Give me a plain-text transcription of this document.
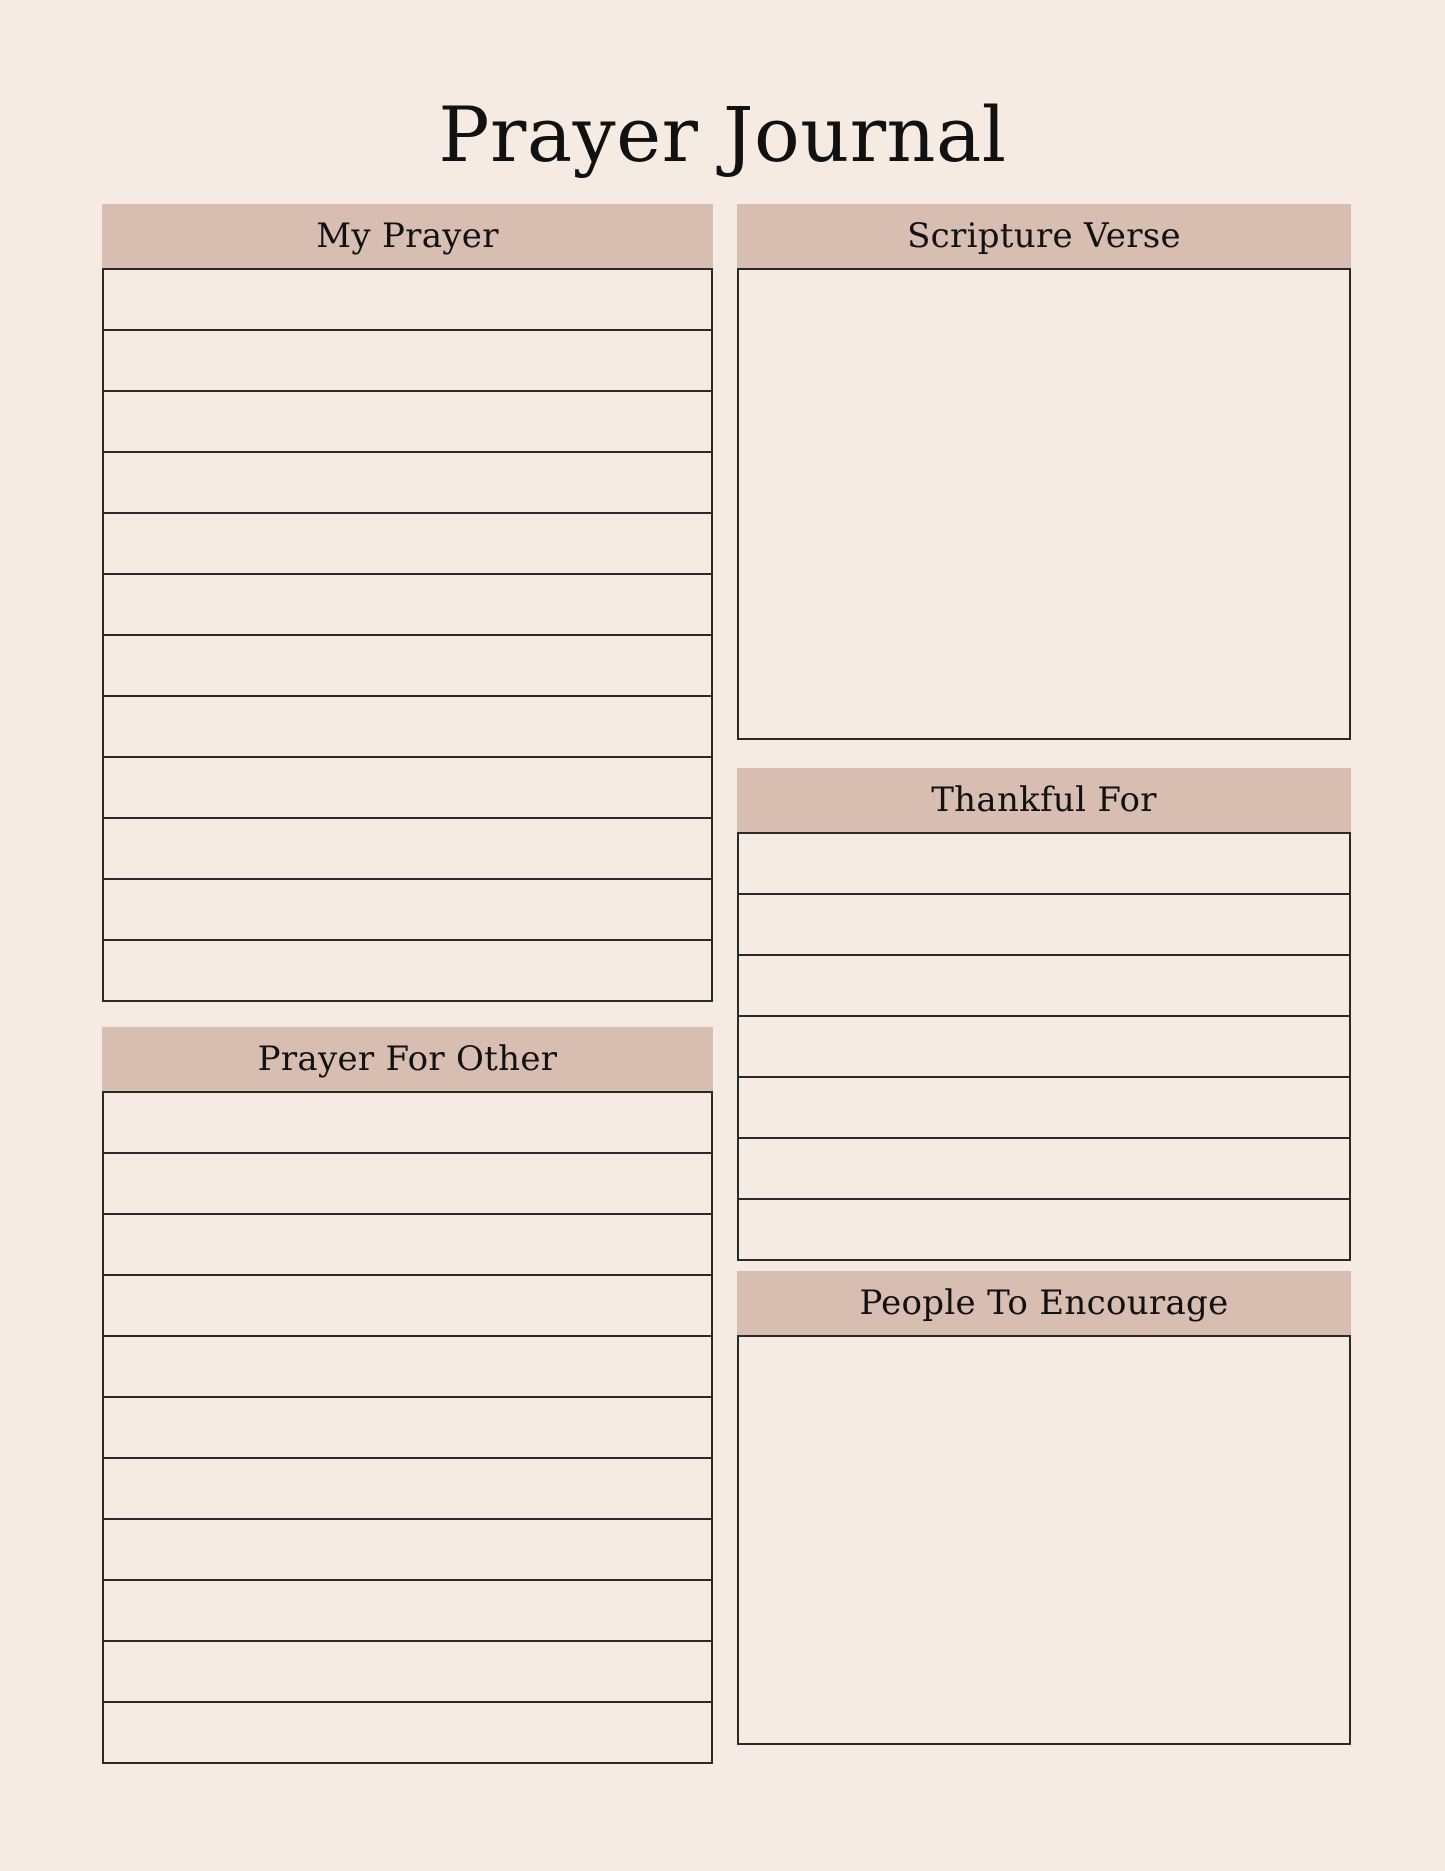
Prayer Journal
My Prayer
Prayer For Other
Scripture Verse
Thankful For
People To Encourage
